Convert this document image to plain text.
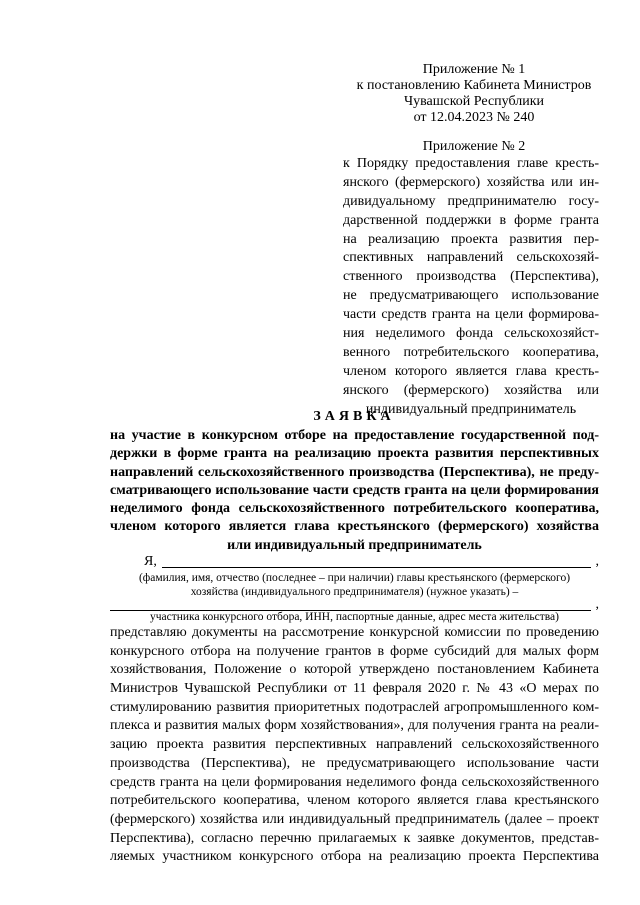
Приложение № 1
к постановлению Кабинета Министров
Чувашской Республики
от 12.04.2023 № 240
Приложение № 2
к Порядку предоставления главе кресть-
янского (фермерского) хозяйства или ин-
дивидуальному предпринимателю госу-
дарственной поддержки в форме гранта
на реализацию проекта развития пер-
спективных направлений сельскохозяй-
ственного производства (Перспектива),
не предусматривающего использование
части средств гранта на цели формирова-
ния неделимого фонда сельскохозяйст-
венного потребительского кооператива,
членом которого является глава кресть-
янского (фермерского) хозяйства или
индивидуальный предприниматель
ЗАЯВКА
на участие в конкурсном отборе на предоставление государственной под-
держки в форме гранта на реализацию проекта развития перспективных
направлений сельскохозяйственного производства (Перспектива), не преду-
сматривающего использование части средств гранта на цели формирования
неделимого фонда сельскохозяйственного потребительского кооператива,
членом которого является глава крестьянского (фермерского) хозяйства
или индивидуальный предприниматель
Я,	,
(фамилия, имя, отчество (последнее – при наличии) главы крестьянского (фермерского)
хозяйства (индивидуального предпринимателя) (нужное указать) –
,
участника конкурсного отбора, ИНН, паспортные данные, адрес места жительства)
представляю документы на рассмотрение конкурсной комиссии по проведению
конкурсного отбора на получение грантов в форме субсидий для малых форм
хозяйствования, Положение о которой утверждено постановлением Кабинета
Министров Чувашской Республики от 11 февраля 2020 г. № 43 «О мерах по
стимулированию развития приоритетных подотраслей агропромышленного ком-
плекса и развития малых форм хозяйствования», для получения гранта на реали-
зацию проекта развития перспективных направлений сельскохозяйственного
производства (Перспектива), не предусматривающего использование части
средств гранта на цели формирования неделимого фонда сельскохозяйственного
потребительского кооператива, членом которого является глава крестьянского
(фермерского) хозяйства или индивидуальный предприниматель (далее – проект
Перспектива), согласно перечню прилагаемых к заявке документов, представ-
ляемых участником конкурсного отбора на реализацию проекта Перспектива
